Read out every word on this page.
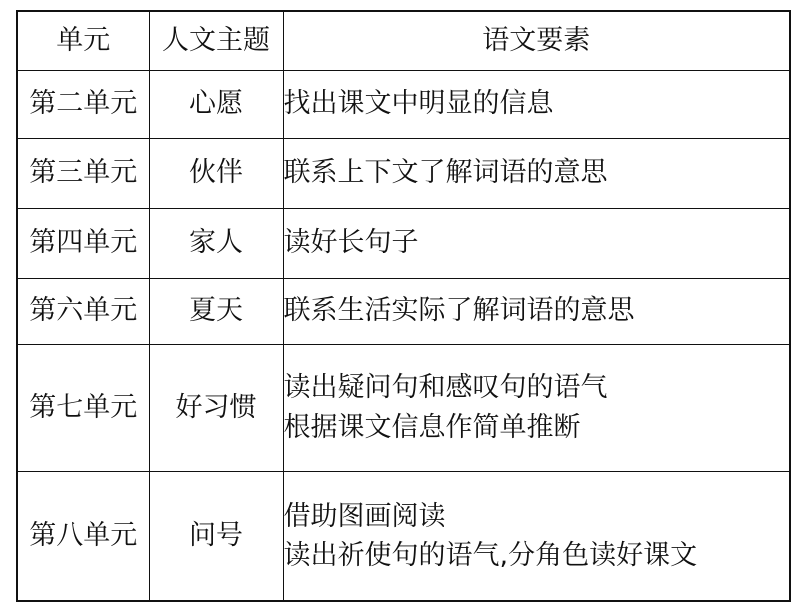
单元	人文主题	语文要素
第二单元	心愿	找出课文中明显的信息

第三单元	伙伴	联系上下文了解词语的意思

第四单元	家人	读好长句子

第六单元	夏天	联系生活实际了解词语的意思

第七单元	好习惯	读出疑问句和感叹句的语气
根据课文信息作简单推断

第八单元	问号	借助图画阅读
读出祈使句的语气,分角色读好课文
